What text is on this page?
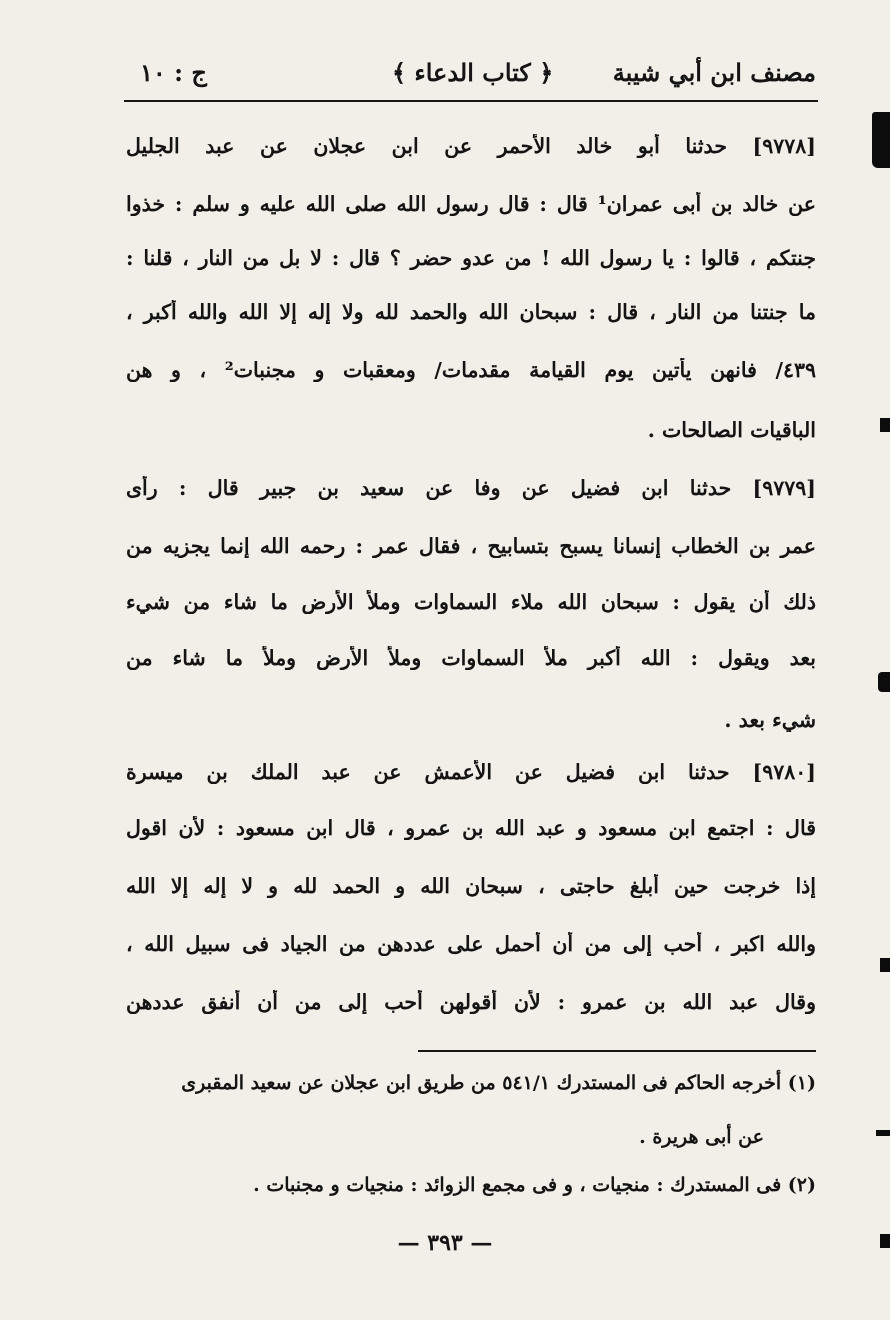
مصنف ابن أبي شيبة
﴿ كتاب الدعاء ﴾
ج : ١٠
[٩٧٧٨] حدثنا أبو خالد الأحمر عن ابن عجلان عن عبد الجليل
عن خالد بن أبى عمران¹ قال : قال رسول الله صلى الله عليه و سلم : خذوا
جنتكم ، قالوا : يا رسول الله ! من عدو حضر ؟ قال : لا بل من النار ، قلنا :
ما جنتنا من النار ، قال : سبحان الله والحمد لله ولا إله إلا الله والله أكبر ،
٤٣٩/ فانهن يأتين يوم القيامة مقدمات/ ومعقبات و مجنبات² ، و هن
الباقيات الصالحات .
[٩٧٧٩] حدثنا ابن فضيل عن وفا عن سعيد بن جبير قال : رأى
عمر بن الخطاب إنسانا يسبح بتسابيح ، فقال عمر : رحمه الله إنما يجزيه من
ذلك أن يقول : سبحان الله ملاء السماوات وملأ الأرض ما شاء من شيء
بعد ويقول : الله أكبر ملأ السماوات وملأ الأرض وملأ ما شاء من
شيء بعد .
[٩٧٨٠] حدثنا ابن فضيل عن الأعمش عن عبد الملك بن ميسرة
قال : اجتمع ابن مسعود و عبد الله بن عمرو ، قال ابن مسعود : لأن اقول
إذا خرجت حين أبلغ حاجتى ، سبحان الله و الحمد لله و لا إله إلا الله
والله اكبر ، أحب إلى من أن أحمل على عددهن من الجياد فى سبيل الله ،
وقال عبد الله بن عمرو : لأن أقولهن أحب إلى من أن أنفق عددهن
(١) أخرجه الحاكم فى المستدرك ٥٤١/١ من طريق ابن عجلان عن سعيد المقبرى
عن أبى هريرة .
(٢) فى المستدرك : منجيات ، و فى مجمع الزوائد : منجيات و مجنبات .
— ٣٩٣ —
